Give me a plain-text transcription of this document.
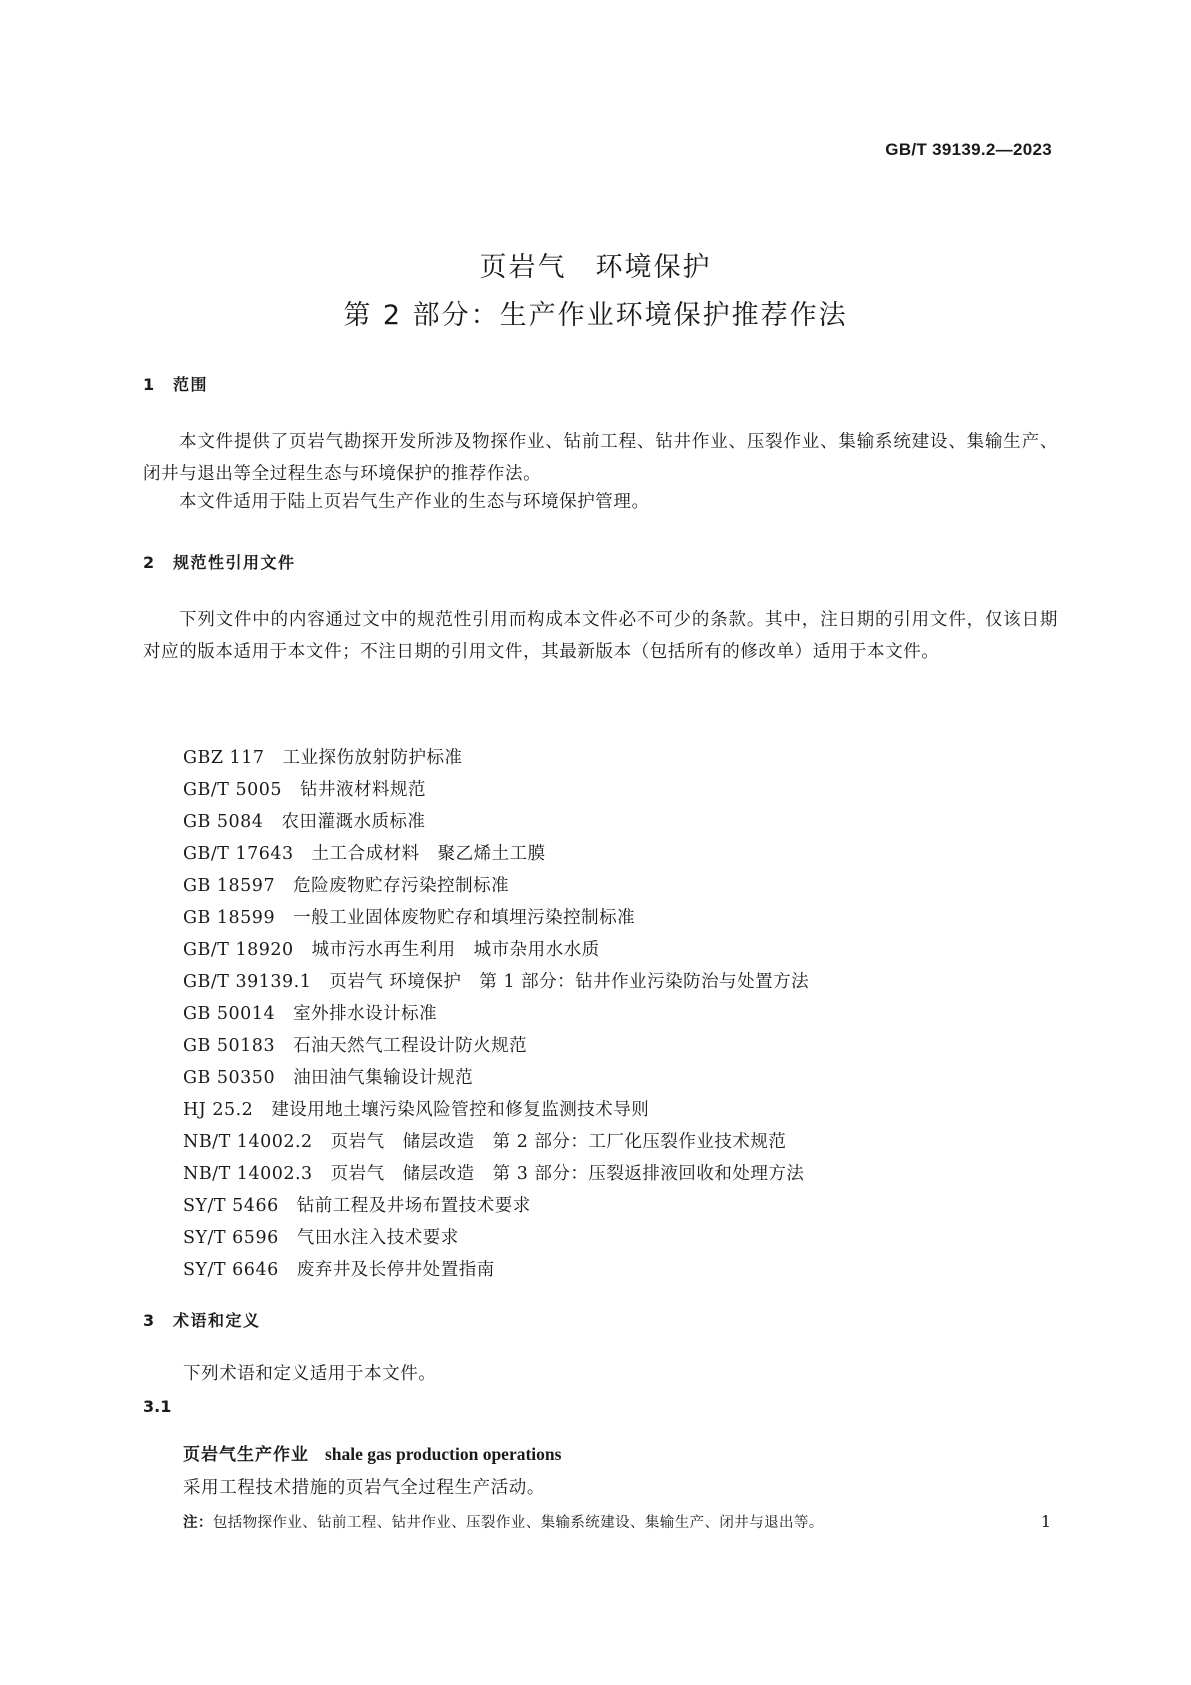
GB/T 39139.2—2023
页岩气　环境保护
第 2 部分：生产作业环境保护推荐作法
1 范围
本文件提供了页岩气勘探开发所涉及物探作业、钻前工程、钻井作业、压裂作业、集输系统建设、集输生产、闭井与退出等全过程生态与环境保护的推荐作法。
本文件适用于陆上页岩气生产作业的生态与环境保护管理。
2 规范性引用文件
下列文件中的内容通过文中的规范性引用而构成本文件必不可少的条款。其中，注日期的引用文件，仅该日期对应的版本适用于本文件；不注日期的引用文件，其最新版本（包括所有的修改单）适用于本文件。
GBZ 117 工业探伤放射防护标准
GB/T 5005 钻井液材料规范
GB 5084 农田灌溉水质标准
GB/T 17643 土工合成材料　聚乙烯土工膜
GB 18597 危险废物贮存污染控制标准
GB 18599 一般工业固体废物贮存和填埋污染控制标准
GB/T 18920 城市污水再生利用　城市杂用水水质
GB/T 39139.1 页岩气 环境保护　第 1 部分：钻井作业污染防治与处置方法
GB 50014 室外排水设计标准
GB 50183 石油天然气工程设计防火规范
GB 50350 油田油气集输设计规范
HJ 25.2 建设用地土壤污染风险管控和修复监测技术导则
NB/T 14002.2 页岩气　储层改造　第 2 部分：工厂化压裂作业技术规范
NB/T 14002.3 页岩气　储层改造　第 3 部分：压裂返排液回收和处理方法
SY/T 5466 钻前工程及井场布置技术要求
SY/T 6596 气田水注入技术要求
SY/T 6646 废弃井及长停井处置指南
3 术语和定义
下列术语和定义适用于本文件。
3.1
页岩气生产作业 shale gas production operations
采用工程技术措施的页岩气全过程生产活动。
注：包括物探作业、钻前工程、钻井作业、压裂作业、集输系统建设、集输生产、闭井与退出等。	1
